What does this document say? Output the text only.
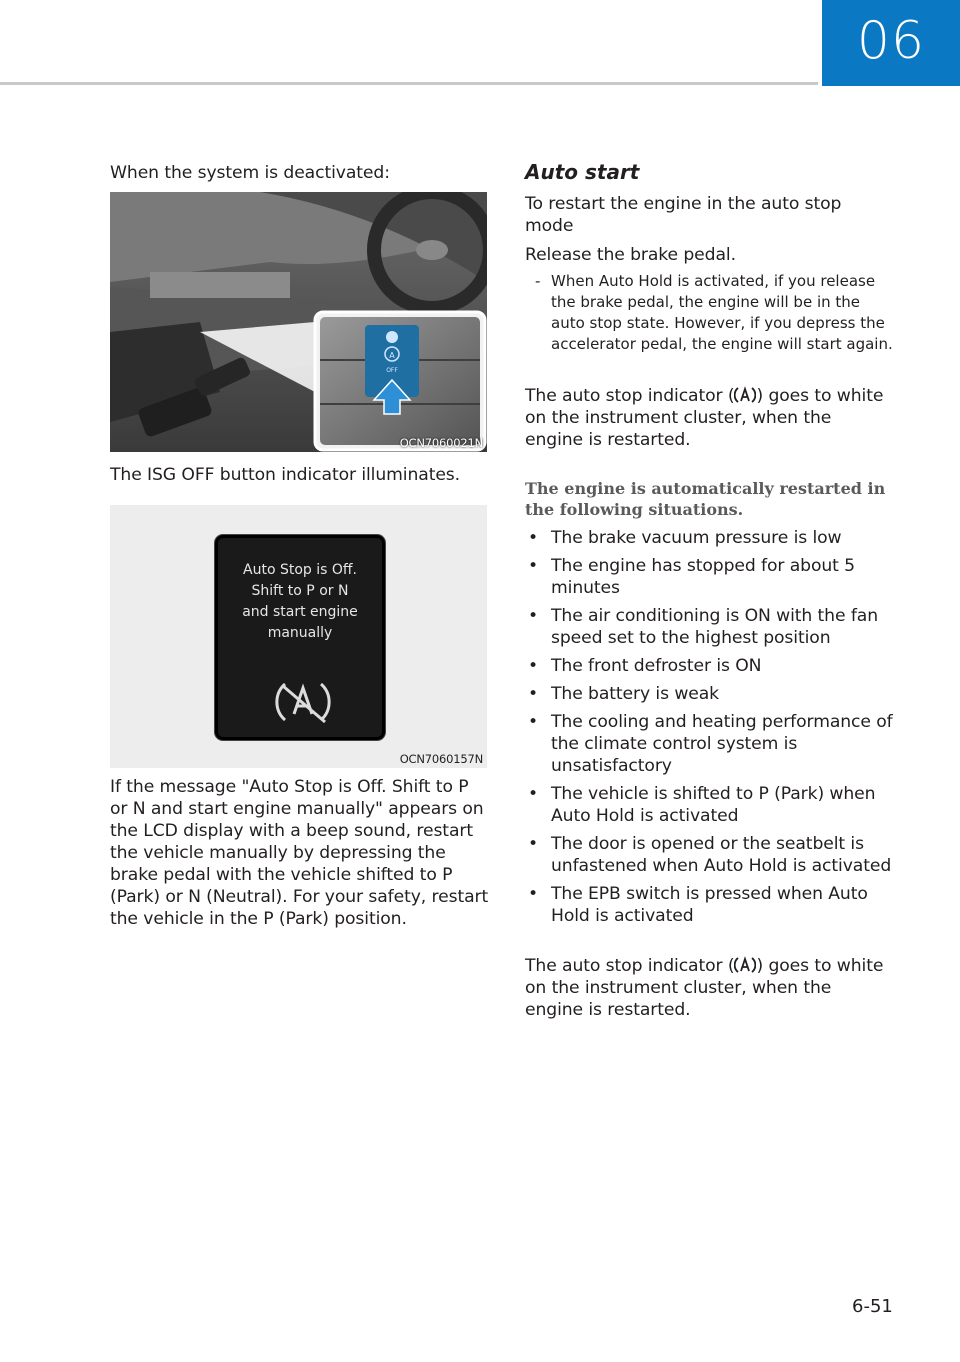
06
When the system is deactivated:
A
OFF
OCN7060021N
The ISG OFF button indicator illuminates.
Auto Stop is Off.
Shift to P or N
and start engine
manually
OCN7060157N
If the message "Auto Stop is Off. Shift to P or N and start engine manually" appears on the LCD display with a beep sound, restart the vehicle manually by depressing the brake pedal with the vehicle shifted to P (Park) or N (Neutral). For your safety, restart the vehicle in the P (Park) position.
Auto start
To restart the engine in the auto stop mode
Release the brake pedal.
- When Auto Hold is activated, if you release the brake pedal, the engine will be in the auto stop state. However, if you depress the accelerator pedal, the engine will start again.
The auto stop indicator ( ) goes to white on the instrument cluster, when the engine is restarted.
The engine is automatically restarted in the following situations.
• The brake vacuum pressure is low
• The engine has stopped for about 5 minutes
• The air conditioning is ON with the fan speed set to the highest position
• The front defroster is ON
• The battery is weak
• The cooling and heating performance of the climate control system is unsatisfactory
• The vehicle is shifted to P (Park) when Auto Hold is activated
• The door is opened or the seatbelt is unfastened when Auto Hold is activated
• The EPB switch is pressed when Auto Hold is activated
The auto stop indicator ( ) goes to white on the instrument cluster, when the engine is restarted.
6-51
